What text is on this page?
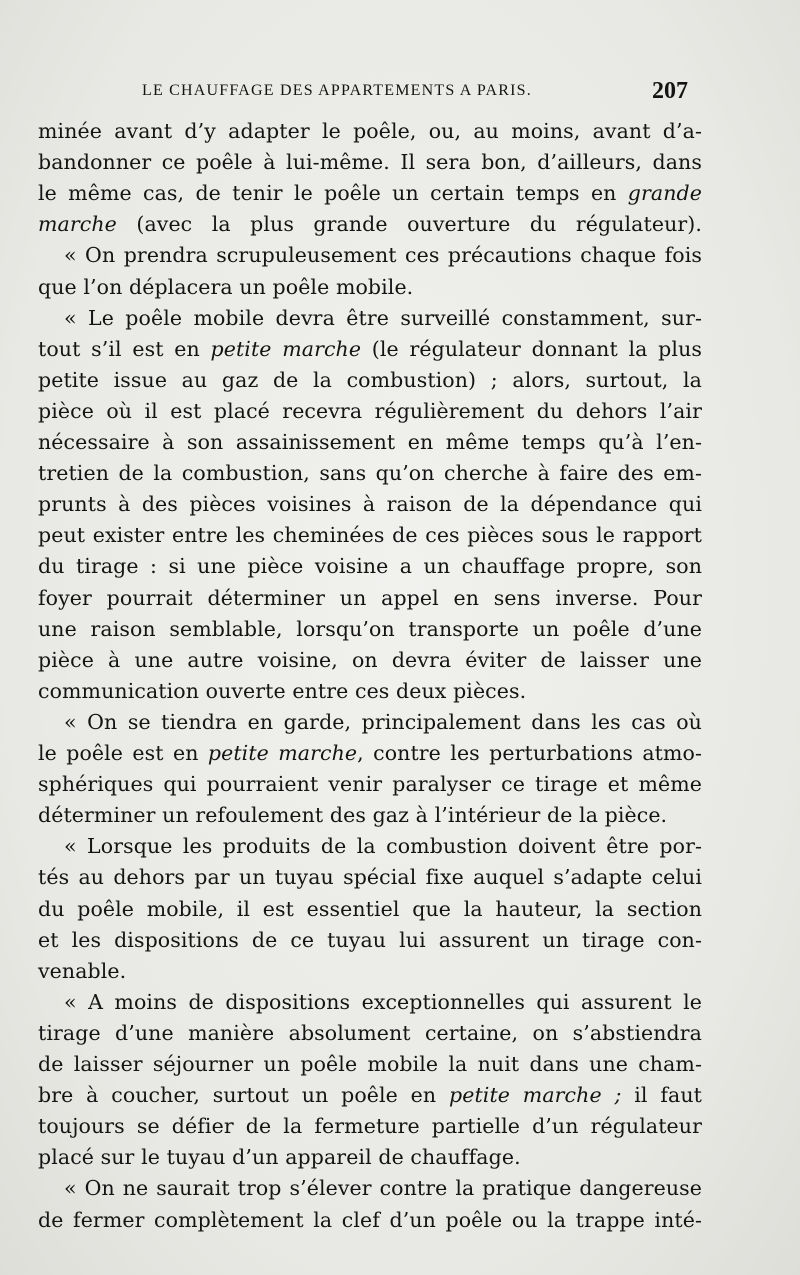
LE CHAUFFAGE DES APPARTEMENTS A PARIS.	207
minée avant d’y adapter le poêle, ou, au moins, avant d’a-
bandonner ce poêle à lui-même. Il sera bon, d’ailleurs, dans
le même cas, de tenir le poêle un certain temps en grande
marche (avec la plus grande ouverture du régulateur).
« On prendra scrupuleusement ces précautions chaque fois
que l’on déplacera un poêle mobile.
« Le poêle mobile devra être surveillé constamment, sur-
tout s’il est en petite marche (le régulateur donnant la plus
petite issue au gaz de la combustion) ; alors, surtout, la
pièce où il est placé recevra régulièrement du dehors l’air
nécessaire à son assainissement en même temps qu’à l’en-
tretien de la combustion, sans qu’on cherche à faire des em-
prunts à des pièces voisines à raison de la dépendance qui
peut exister entre les cheminées de ces pièces sous le rapport
du tirage : si une pièce voisine a un chauffage propre, son
foyer pourrait déterminer un appel en sens inverse. Pour
une raison semblable, lorsqu’on transporte un poêle d’une
pièce à une autre voisine, on devra éviter de laisser une
communication ouverte entre ces deux pièces.
« On se tiendra en garde, principalement dans les cas où
le poêle est en petite marche, contre les perturbations atmo-
sphériques qui pourraient venir paralyser ce tirage et même
déterminer un refoulement des gaz à l’intérieur de la pièce.
« Lorsque les produits de la combustion doivent être por-
tés au dehors par un tuyau spécial fixe auquel s’adapte celui
du poêle mobile, il est essentiel que la hauteur, la section
et les dispositions de ce tuyau lui assurent un tirage con-
venable.
« A moins de dispositions exceptionnelles qui assurent le
tirage d’une manière absolument certaine, on s’abstiendra
de laisser séjourner un poêle mobile la nuit dans une cham-
bre à coucher, surtout un poêle en petite marche ; il faut
toujours se défier de la fermeture partielle d’un régulateur
placé sur le tuyau d’un appareil de chauffage.
« On ne saurait trop s’élever contre la pratique dangereuse
de fermer complètement la clef d’un poêle ou la trappe inté-
